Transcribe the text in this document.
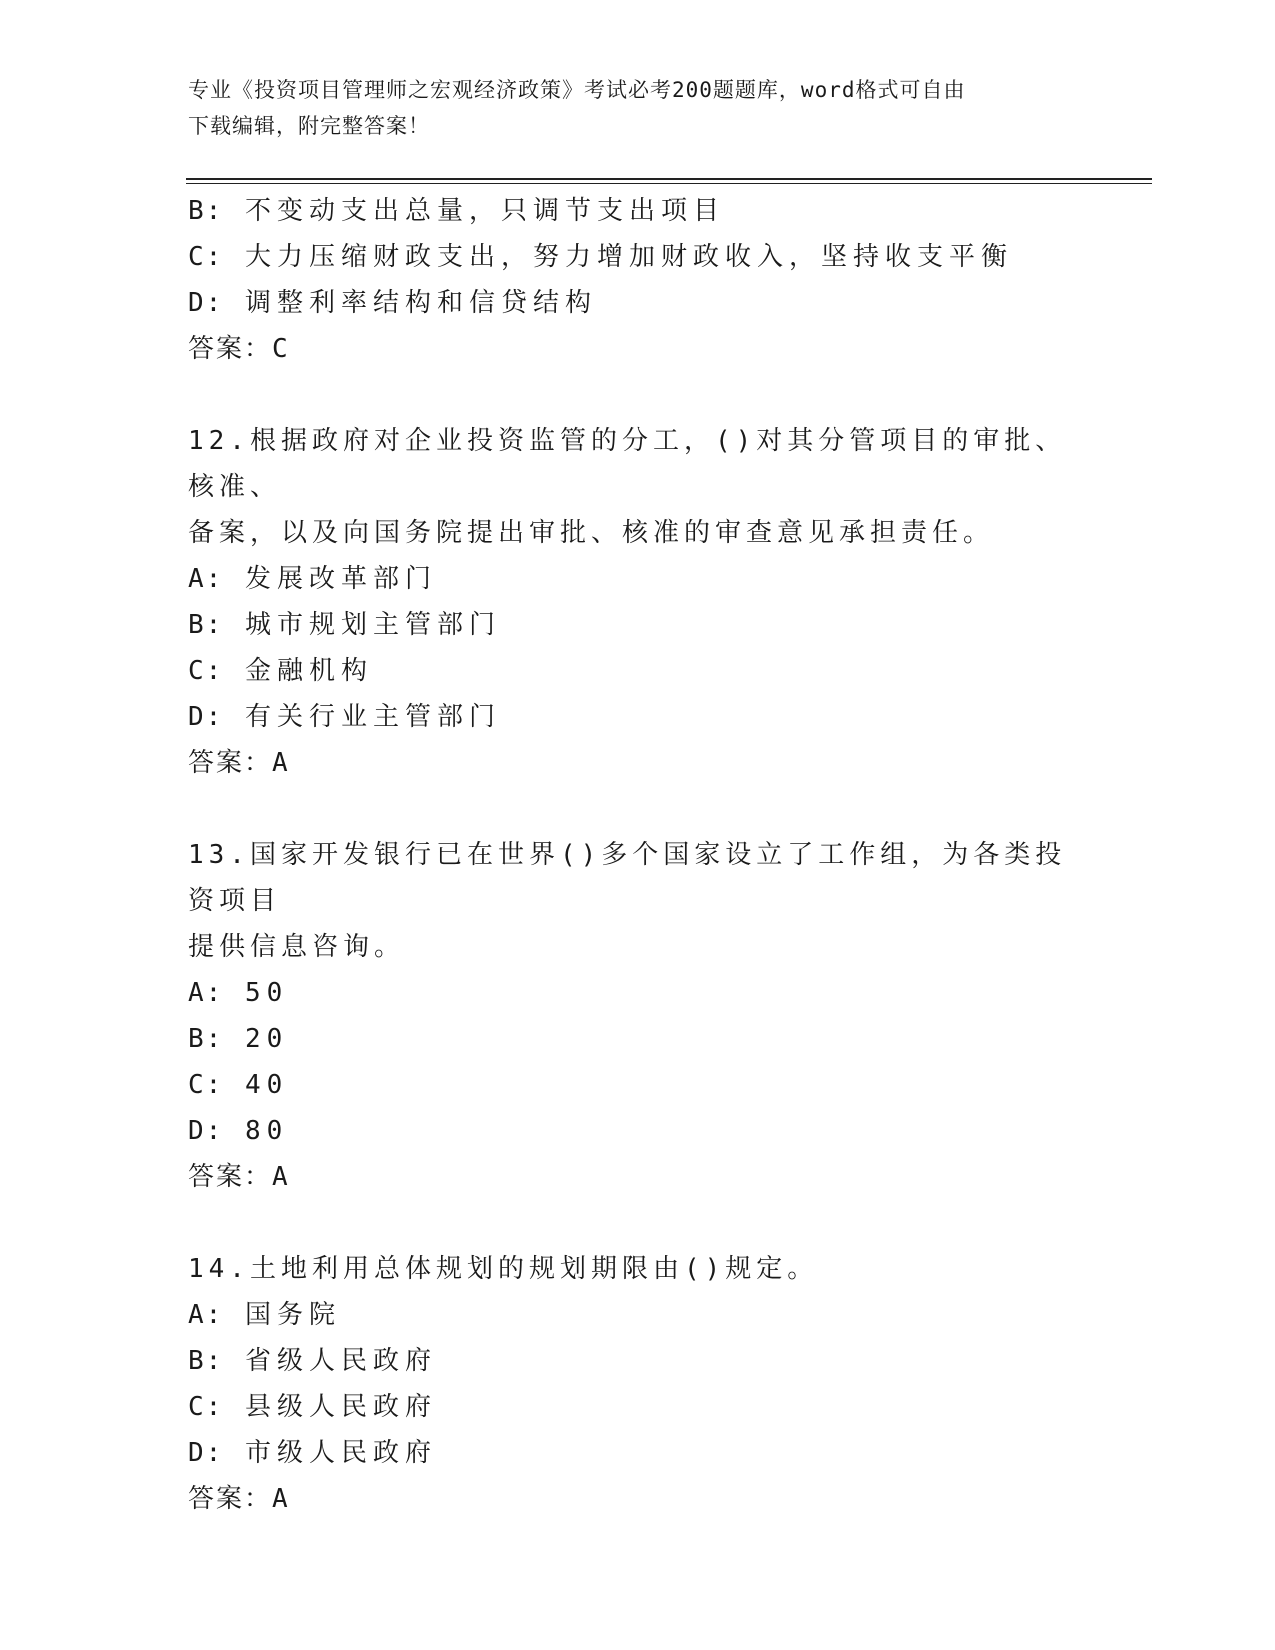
专业《投资项目管理师之宏观经济政策》考试必考200题题库，word格式可自由
下载编辑，附完整答案！
B: 不变动支出总量，只调节支出项目
C: 大力压缩财政支出，努力增加财政收入，坚持收支平衡
D: 调整利率结构和信贷结构
答案：C
12.根据政府对企业投资监管的分工，()对其分管项目的审批、核准、
备案，以及向国务院提出审批、核准的审查意见承担责任。
A: 发展改革部门
B: 城市规划主管部门
C: 金融机构
D: 有关行业主管部门
答案：A
13.国家开发银行已在世界()多个国家设立了工作组，为各类投资项目
提供信息咨询。
A: 50
B: 20
C: 40
D: 80
答案：A
14.土地利用总体规划的规划期限由()规定。
A: 国务院
B: 省级人民政府
C: 县级人民政府
D: 市级人民政府
答案：A
